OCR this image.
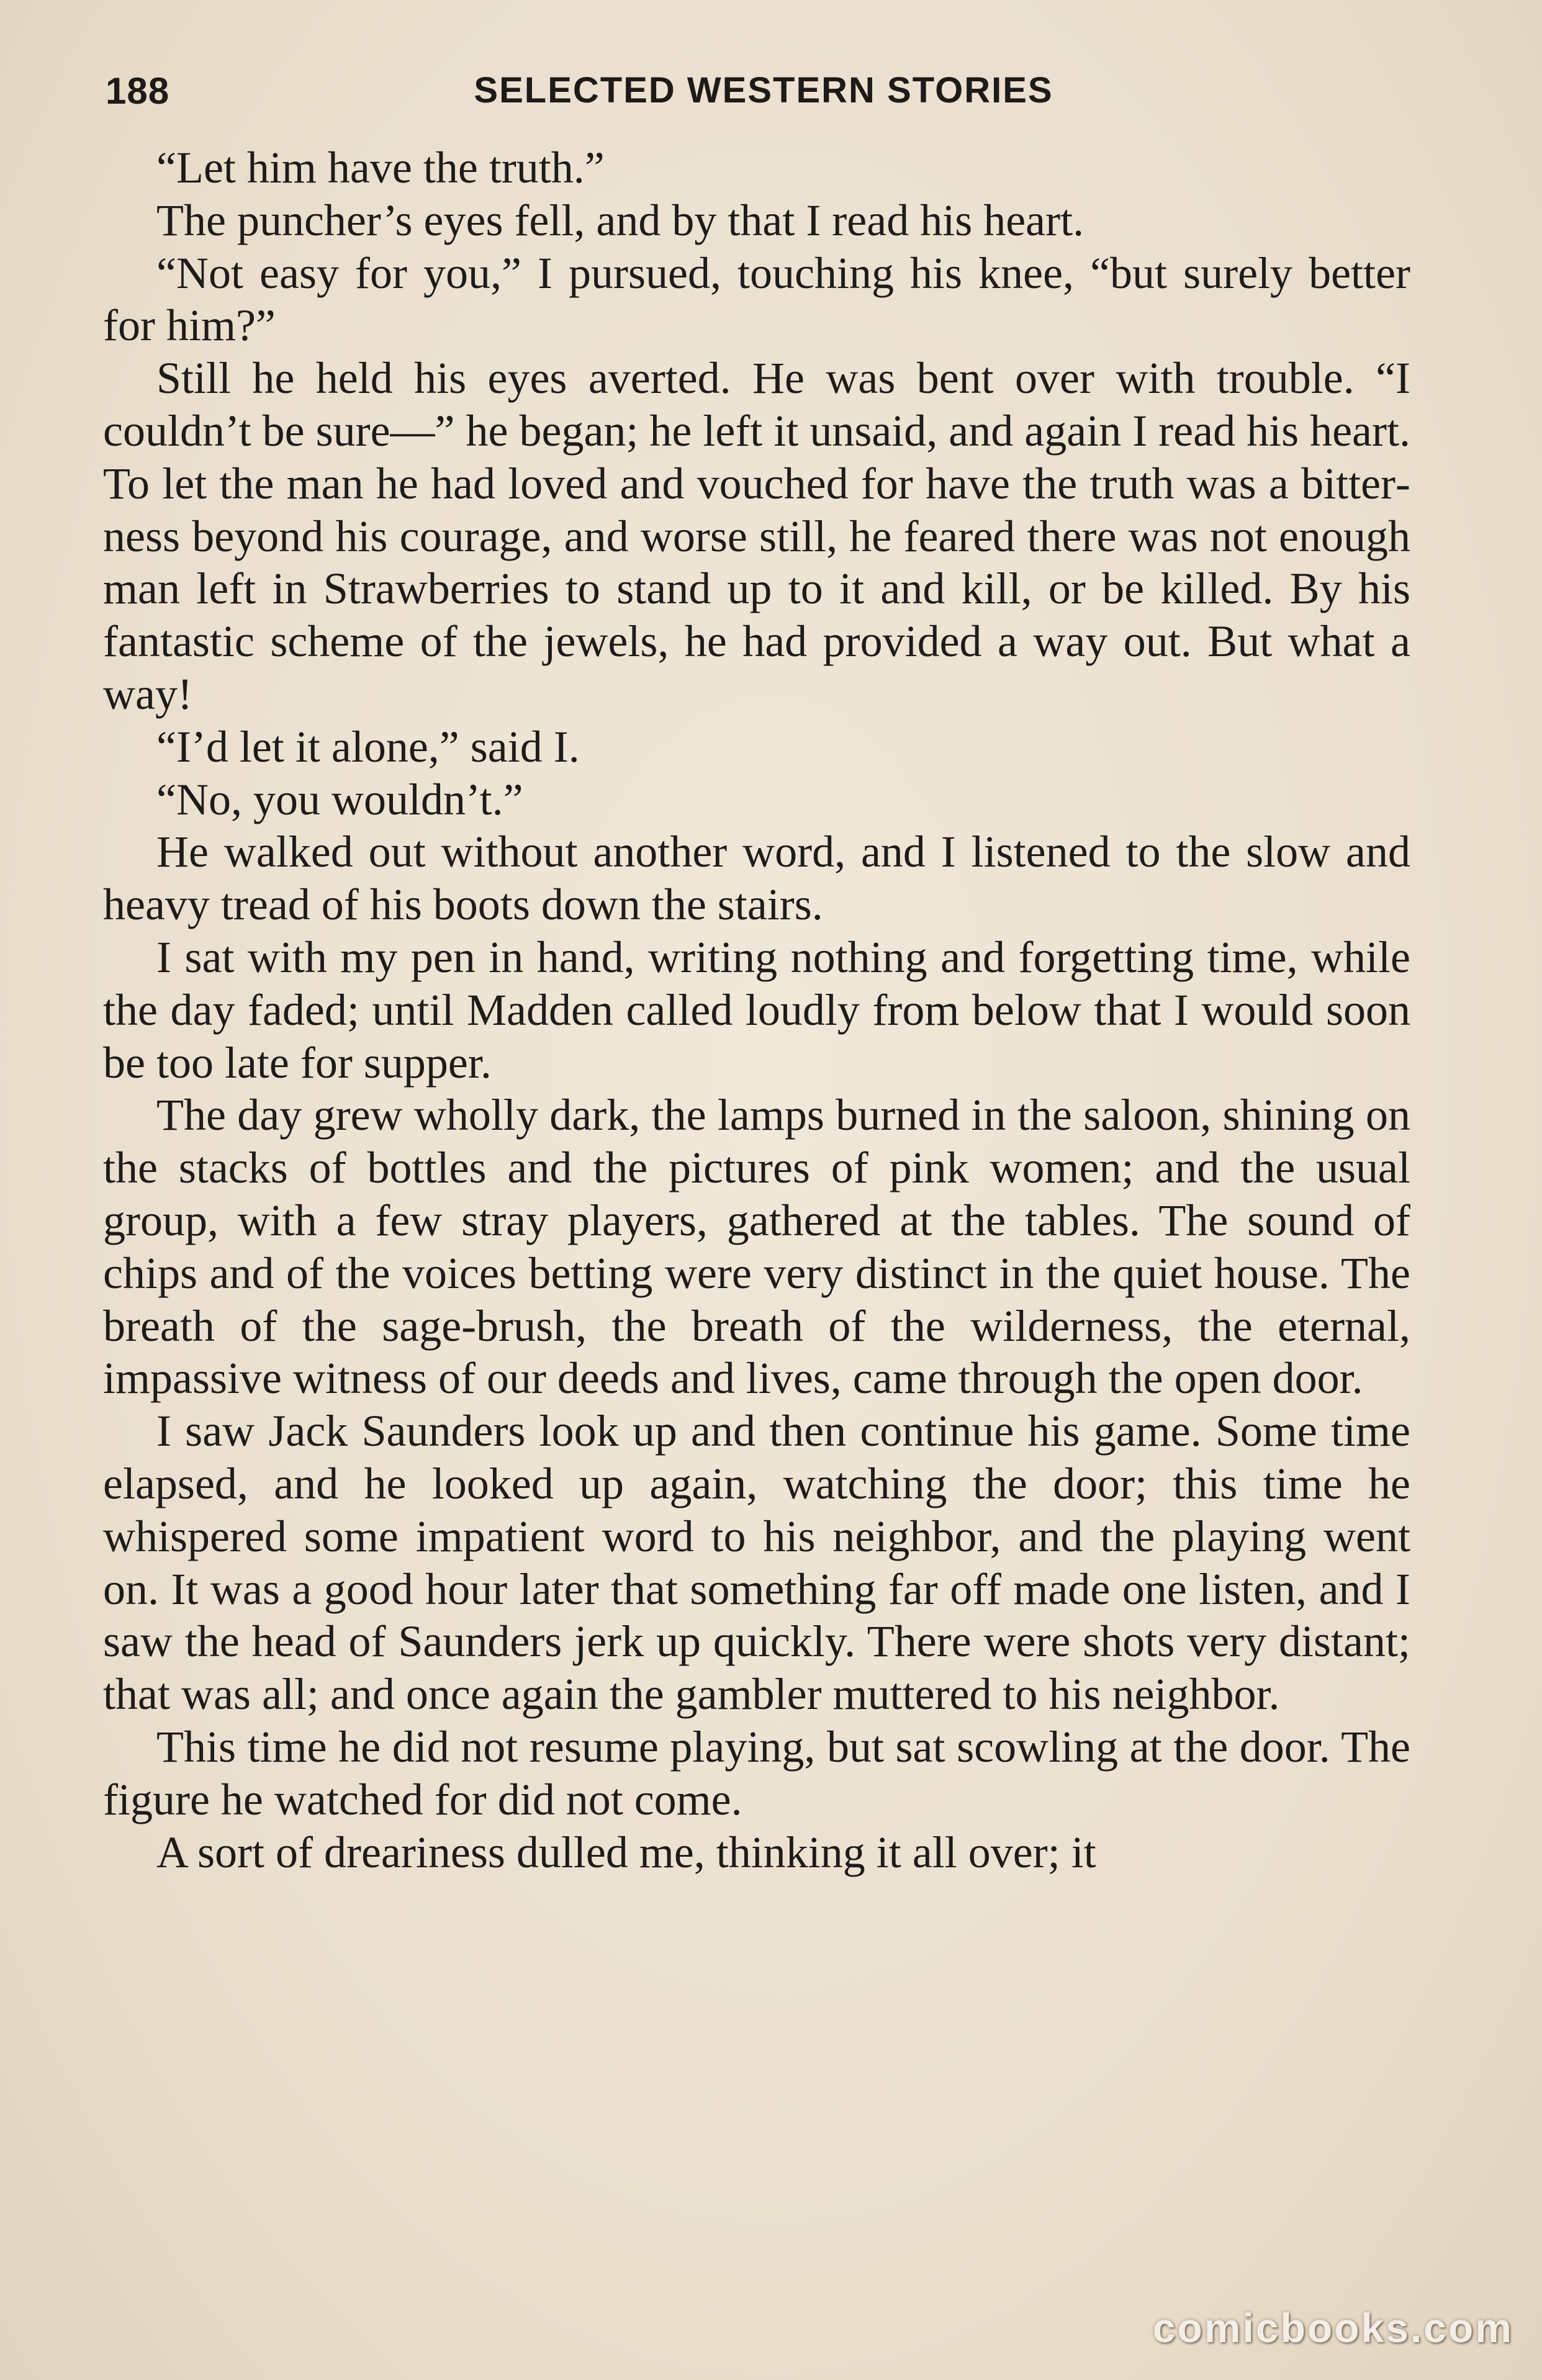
188	SELECTED WESTERN STORIES

“Let him have the truth.”

The puncher’s eyes fell, and by that I read his heart.

“Not easy for you,” I pursued, touching his knee, “but surely better for him?”

Still he held his eyes averted. He was bent over with trouble. “I couldn’t be sure—” he began; he left it unsaid, and again I read his heart. To let the man he had loved and vouched for have the truth was a bitterness beyond his courage, and worse still, he feared there was not enough man left in Strawberries to stand up to it and kill, or be killed. By his fantastic scheme of the jewels, he had provided a way out. But what a way!

“I’d let it alone,” said I.

“No, you wouldn’t.”

He walked out without another word, and I listened to the slow and heavy tread of his boots down the stairs.

I sat with my pen in hand, writing nothing and forgetting time, while the day faded; until Madden called loudly from below that I would soon be too late for supper.

The day grew wholly dark, the lamps burned in the saloon, shining on the stacks of bottles and the pictures of pink women; and the usual group, with a few stray players, gathered at the tables. The sound of chips and of the voices betting were very distinct in the quiet house. The breath of the sage-brush, the breath of the wilderness, the eternal, impassive witness of our deeds and lives, came through the open door.

I saw Jack Saunders look up and then continue his game. Some time elapsed, and he looked up again, watching the door; this time he whispered some impatient word to his neighbor, and the playing went on. It was a good hour later that something far off made one listen, and I saw the head of Saunders jerk up quickly. There were shots very distant; that was all; and once again the gambler muttered to his neighbor.

This time he did not resume playing, but sat scowling at the door. The figure he watched for did not come.

A sort of dreariness dulled me, thinking it all over; it

comicbooks.com
